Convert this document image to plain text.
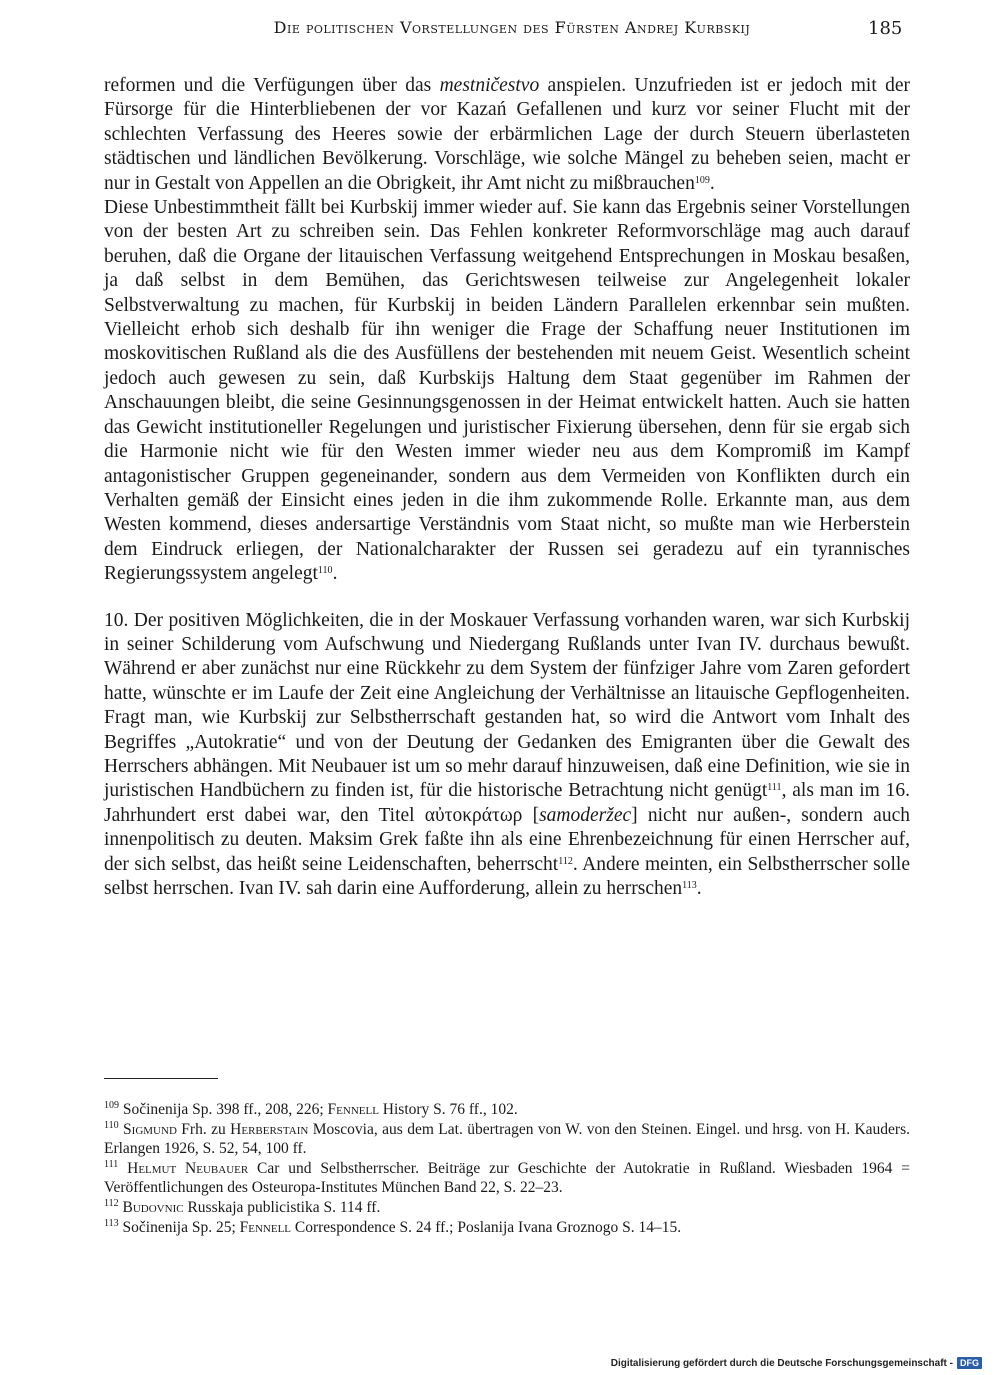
Die politischen Vorstellungen des Fürsten Andrej Kurbskij	185

reformen und die Verfügungen über das mestničestvo anspielen. Unzufrieden ist er jedoch mit der Fürsorge für die Hinterbliebenen der vor Kazań Gefallenen und kurz vor seiner Flucht mit der schlechten Verfassung des Heeres sowie der erbärmlichen Lage der durch Steuern überlasteten städtischen und ländlichen Bevölkerung. Vorschläge, wie solche Mängel zu beheben seien, macht er nur in Gestalt von Appellen an die Obrigkeit, ihr Amt nicht zu mißbrauchen$^{109}$.

Diese Unbestimmtheit fällt bei Kurbskij immer wieder auf. Sie kann das Ergebnis seiner Vorstellungen von der besten Art zu schreiben sein. Das Fehlen konkreter Reformvorschläge mag auch darauf beruhen, daß die Organe der litauischen Verfassung weitgehend Entsprechungen in Moskau besaßen, ja daß selbst in dem Bemühen, das Gerichtswesen teilweise zur Angelegenheit lokaler Selbstverwaltung zu machen, für Kurbskij in beiden Ländern Parallelen erkennbar sein mußten. Vielleicht erhob sich deshalb für ihn weniger die Frage der Schaffung neuer Institutionen im moskovitischen Rußland als die des Ausfüllens der bestehenden mit neuem Geist. Wesentlich scheint jedoch auch gewesen zu sein, daß Kurbskijs Haltung dem Staat gegenüber im Rahmen der Anschauungen bleibt, die seine Gesinnungsgenossen in der Heimat entwickelt hatten. Auch sie hatten das Gewicht institutioneller Regelungen und juristischer Fixierung übersehen, denn für sie ergab sich die Harmonie nicht wie für den Westen immer wieder neu aus dem Kompromiß im Kampf antagonistischer Gruppen gegeneinander, sondern aus dem Vermeiden von Konflikten durch ein Verhalten gemäß der Einsicht eines jeden in die ihm zukommende Rolle. Erkannte man, aus dem Westen kommend, dieses andersartige Verständnis vom Staat nicht, so mußte man wie Herberstein dem Eindruck erliegen, der Nationalcharakter der Russen sei geradezu auf ein tyrannisches Regierungssystem angelegt$^{110}$.

10. Der positiven Möglichkeiten, die in der Moskauer Verfassung vorhanden waren, war sich Kurbskij in seiner Schilderung vom Aufschwung und Niedergang Rußlands unter Ivan IV. durchaus bewußt. Während er aber zunächst nur eine Rückkehr zu dem System der fünfziger Jahre vom Zaren gefordert hatte, wünschte er im Laufe der Zeit eine Angleichung der Verhältnisse an litauische Gepflogenheiten. Fragt man, wie Kurbskij zur Selbstherrschaft gestanden hat, so wird die Antwort vom Inhalt des Begriffes „Autokratie“ und von der Deutung der Gedanken des Emigranten über die Gewalt des Herrschers abhängen. Mit Neubauer ist um so mehr darauf hinzuweisen, daß eine Definition, wie sie in juristischen Handbüchern zu finden ist, für die historische Betrachtung nicht genügt$^{111}$, als man im 16. Jahrhundert erst dabei war, den Titel αὐτοκράτωρ [samoderžec] nicht nur außen-, sondern auch innenpolitisch zu deuten. Maksim Grek faßte ihn als eine Ehrenbezeichnung für einen Herrscher auf, der sich selbst, das heißt seine Leidenschaften, beherrscht$^{112}$. Andere meinten, ein Selbstherrscher solle selbst herrschen. Ivan IV. sah darin eine Aufforderung, allein zu herrschen$^{113}$.

$^{109}$ Sočinenija Sp. 398 ff., 208, 226; Fennell History S. 76 ff., 102.

$^{110}$ Sigmund Frh. zu Herberstain Moscovia, aus dem Lat. übertragen von W. von den Steinen. Eingel. und hrsg. von H. Kauders. Erlangen 1926, S. 52, 54, 100 ff.

$^{111}$ Helmut Neubauer Car und Selbstherrscher. Beiträge zur Geschichte der Autokratie in Rußland. Wiesbaden 1964 = Veröffentlichungen des Osteuropa-Institutes München Band 22, S. 22–23.

$^{112}$ Budovnic Russkaja publicistika S. 114 ff.

$^{113}$ Sočinenija Sp. 25; Fennell Correspondence S. 24 ff.; Poslanija Ivana Groznogo S. 14–15.

Digitalisierung gefördert durch die Deutsche Forschungsgemeinschaft - DFG
